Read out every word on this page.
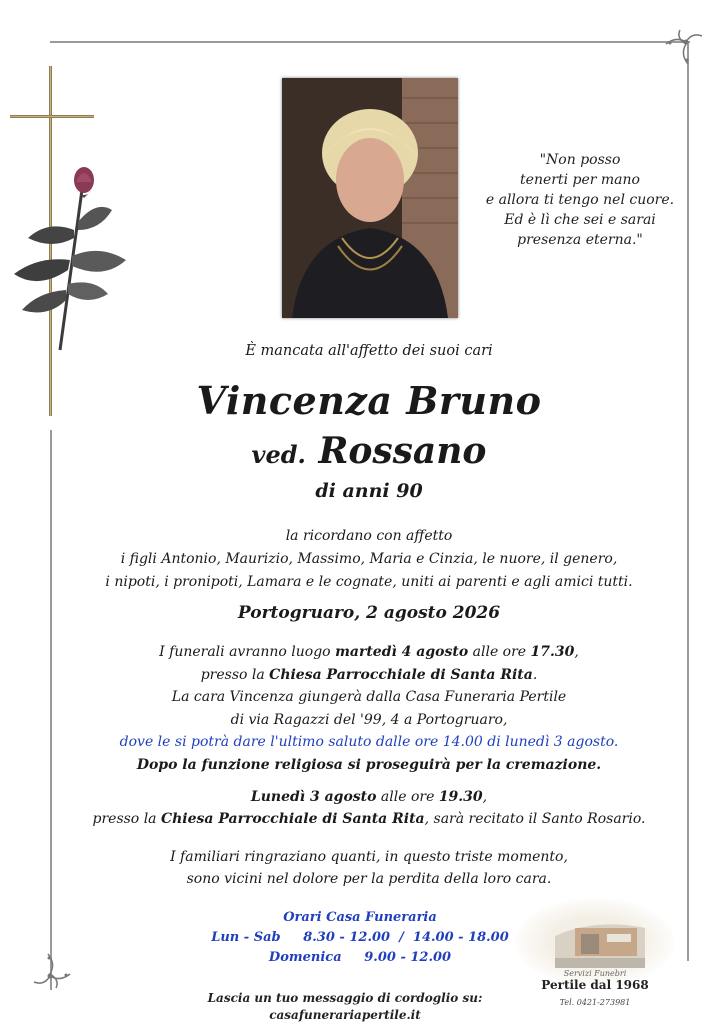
"Non posso
tenerti per mano
e allora ti tengo nel cuore.
Ed è lì che sei e sarai
presenza eterna."
È mancata all'affetto dei suoi cari
Vincenza Bruno
ved. Rossano
di anni 90
la ricordano con affetto
i figli Antonio, Maurizio, Massimo, Maria e Cinzia, le nuore, il genero,
i nipoti, i pronipoti, Lamara e le cognate, uniti ai parenti e agli amici tutti.
Portogruaro, 2 agosto 2026
I funerali avranno luogo martedì 4 agosto alle ore 17.30,
presso la Chiesa Parrocchiale di Santa Rita.
La cara Vincenza giungerà dalla Casa Funeraria Pertile
di via Ragazzi del '99, 4 a Portogruaro,
dove le si potrà dare l'ultimo saluto dalle ore 14.00 di lunedì 3 agosto.
Dopo la funzione religiosa si proseguirà per la cremazione.
Lunedì 3 agosto alle ore 19.30,
presso la Chiesa Parrocchiale di Santa Rita, sarà recitato il Santo Rosario.
I familiari ringraziano quanti, in questo triste momento,
sono vicini nel dolore per la perdita della loro cara.
Orari Casa Funeraria
Lun - Sab     8.30 - 12.00  /  14.00 - 18.00
Domenica     9.00 - 12.00
Lascia un tuo messaggio di cordoglio su:
casafunerariapertile.it
Servizi Funebri
Pertile dal 1968
Tel. 0421-273981
